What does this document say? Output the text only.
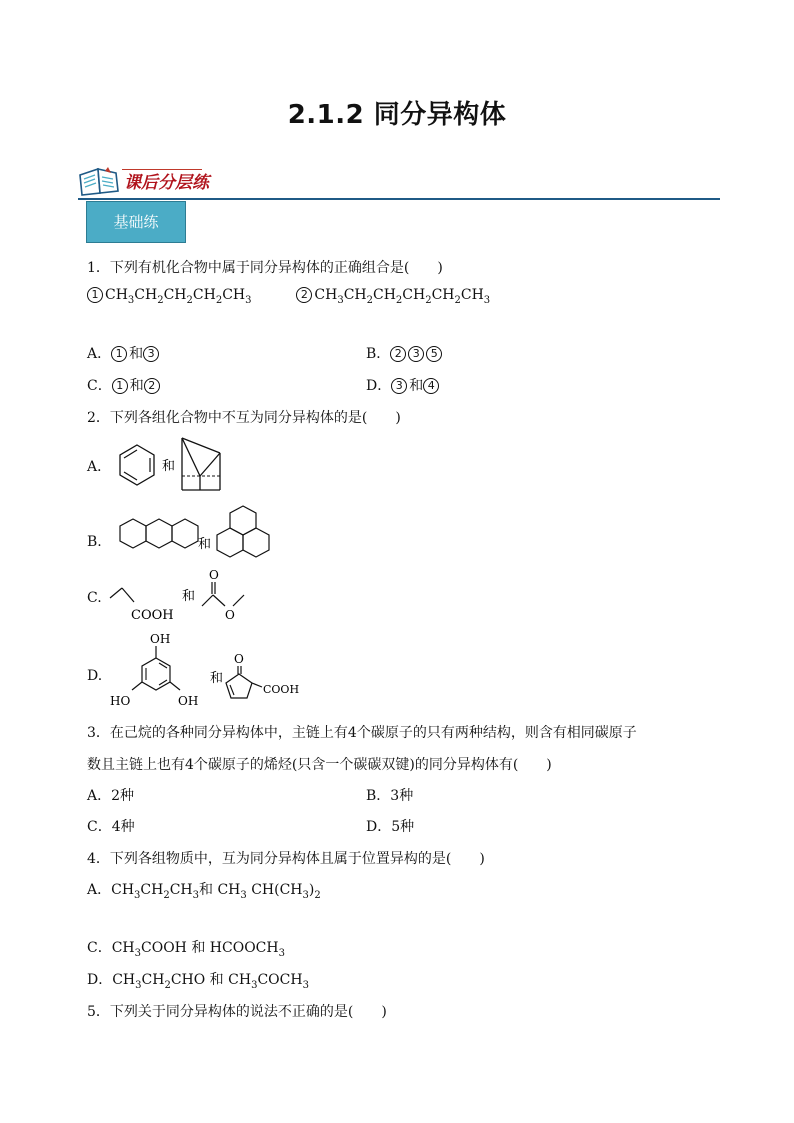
2.1.2 同分异构体
课后分层练
基础练
1．下列有机化合物中属于同分异构体的正确组合是(　　)
1 $CH_3CH_2CH_2CH_2CH_3$	2 $CH_3CH_2CH_2CH_2CH_2CH_3$
A． 1 和 3	B． 2 3 5
C． 1 和 2	D． 3 和 4
2．下列各组化合物中不互为同分异构体的是(　　)
A．	和
B.	和
C.
COOH
和
O
O
D.
OH
HO	OH
和
O
COOH
3．在己烷的各种同分异构体中，主链上有4个碳原子的只有两种结构，则含有相同碳原子
数且主链上也有4个碳原子的烯烃(只含一个碳碳双键)的同分异构体有(　　)
A．2种	B．3种
C．4种	D．5种
4．下列各组物质中，互为同分异构体且属于位置异构的是(　　)
A．$CH_3CH_2CH_3$和 $CH_3$ $CH(CH_3)_2$
C．$CH_3COOH$ 和 $HCOOCH_3$
D．$CH_3CH_2CHO$ 和 $CH_3COCH_3$
5．下列关于同分异构体的说法不正确的是(　　)
